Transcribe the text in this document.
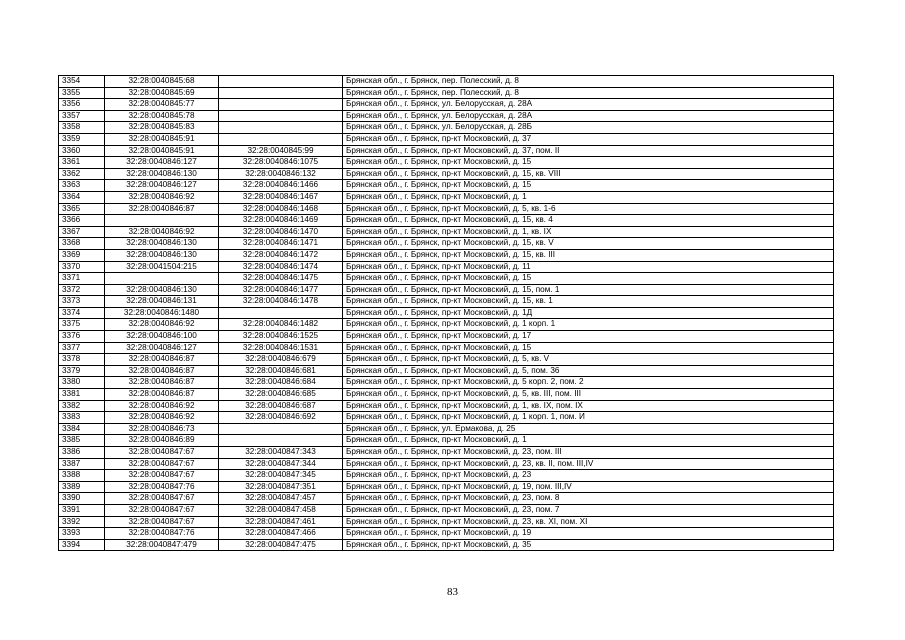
3354	32:28:0040845:68		Брянская обл., г. Брянск, пер. Полесский, д. 8
3355	32:28:0040845:69		Брянская обл., г. Брянск, пер. Полесский, д. 8
3356	32:28:0040845:77		Брянская обл., г. Брянск, ул. Белорусская, д. 28А
3357	32:28:0040845:78		Брянская обл., г. Брянск, ул. Белорусская, д. 28А
3358	32:28:0040845:83		Брянская обл., г. Брянск, ул. Белорусская, д. 28Б
3359	32:28:0040845:91		Брянская обл., г. Брянск, пр-кт Московский, д. 37
3360	32:28:0040845:91	32:28:0040845:99	Брянская обл., г. Брянск, пр-кт Московский, д. 37, пом. II
3361	32:28:0040846:127	32:28:0040846:1075	Брянская обл., г. Брянск, пр-кт Московский, д. 15
3362	32:28:0040846:130	32:28:0040846:132	Брянская обл., г. Брянск, пр-кт Московский, д. 15, кв. VIII
3363	32:28:0040846:127	32:28:0040846:1466	Брянская обл., г. Брянск, пр-кт Московский, д. 15
3364	32:28:0040846:92	32:28:0040846:1467	Брянская обл., г. Брянск, пр-кт Московский, д. 1
3365	32:28:0040846:87	32:28:0040846:1468	Брянская обл., г. Брянск, пр-кт Московский, д. 5, кв. 1-6
3366		32:28:0040846:1469	Брянская обл., г. Брянск, пр-кт Московский, д. 15, кв. 4
3367	32:28:0040846:92	32:28:0040846:1470	Брянская обл., г. Брянск, пр-кт Московский, д. 1, кв. IX
3368	32:28:0040846:130	32:28:0040846:1471	Брянская обл., г. Брянск, пр-кт Московский, д. 15, кв. V
3369	32:28:0040846:130	32:28:0040846:1472	Брянская обл., г. Брянск, пр-кт Московский, д. 15, кв. III
3370	32:28:0041504:215	32:28:0040846:1474	Брянская обл., г. Брянск, пр-кт Московский, д. 11
3371		32:28:0040846:1475	Брянская обл., г. Брянск, пр-кт Московский, д. 15
3372	32:28:0040846:130	32:28:0040846:1477	Брянская обл., г. Брянск, пр-кт Московский, д. 15, пом. 1
3373	32:28:0040846:131	32:28:0040846:1478	Брянская обл., г. Брянск, пр-кт Московский, д. 15, кв. 1
3374	32:28:0040846:1480		Брянская обл., г. Брянск, пр-кт Московский, д. 1Д
3375	32:28:0040846:92	32:28:0040846:1482	Брянская обл., г. Брянск, пр-кт Московский, д. 1 корп. 1
3376	32:28:0040846:100	32:28:0040846:1525	Брянская обл., г. Брянск, пр-кт Московский, д. 17
3377	32:28:0040846:127	32:28:0040846:1531	Брянская обл., г. Брянск, пр-кт Московский, д. 15
3378	32:28:0040846:87	32:28:0040846:679	Брянская обл., г. Брянск, пр-кт Московский, д. 5, кв. V
3379	32:28:0040846:87	32:28:0040846:681	Брянская обл., г. Брянск, пр-кт Московский, д. 5, пом. 36
3380	32:28:0040846:87	32:28:0040846:684	Брянская обл., г. Брянск, пр-кт Московский, д. 5 корп. 2, пом. 2
3381	32:28:0040846:87	32:28:0040846:685	Брянская обл., г. Брянск, пр-кт Московский, д. 5, кв. III, пом. III
3382	32:28:0040846:92	32:28:0040846:687	Брянская обл., г. Брянск, пр-кт Московский, д. 1, кв. IX, пом. IX
3383	32:28:0040846:92	32:28:0040846:692	Брянская обл., г. Брянск, пр-кт Московский, д. 1 корп. 1, пом. И
3384	32:28:0040846:73		Брянская обл., г. Брянск, ул. Ермакова, д. 25
3385	32:28:0040846:89		Брянская обл., г. Брянск, пр-кт Московский, д. 1
3386	32:28:0040847:67	32:28:0040847:343	Брянская обл., г. Брянск, пр-кт Московский, д. 23, пом. III
3387	32:28:0040847:67	32:28:0040847:344	Брянская обл., г. Брянск, пр-кт Московский, д. 23, кв. II, пом. III,IV
3388	32:28:0040847:67	32:28:0040847:345	Брянская обл., г. Брянск, пр-кт Московский, д. 23
3389	32:28:0040847:76	32:28:0040847:351	Брянская обл., г. Брянск, пр-кт Московский, д. 19, пом. III,IV
3390	32:28:0040847:67	32:28:0040847:457	Брянская обл., г. Брянск, пр-кт Московский, д. 23, пом. 8
3391	32:28:0040847:67	32:28:0040847:458	Брянская обл., г. Брянск, пр-кт Московский, д. 23, пом. 7
3392	32:28:0040847:67	32:28:0040847:461	Брянская обл., г. Брянск, пр-кт Московский, д. 23, кв. XI, пом. XI
3393	32:28:0040847:76	32:28:0040847:466	Брянская обл., г. Брянск, пр-кт Московский, д. 19
3394	32:28:0040847:479	32:28:0040847:475	Брянская обл., г. Брянск, пр-кт Московский, д. 35
83
